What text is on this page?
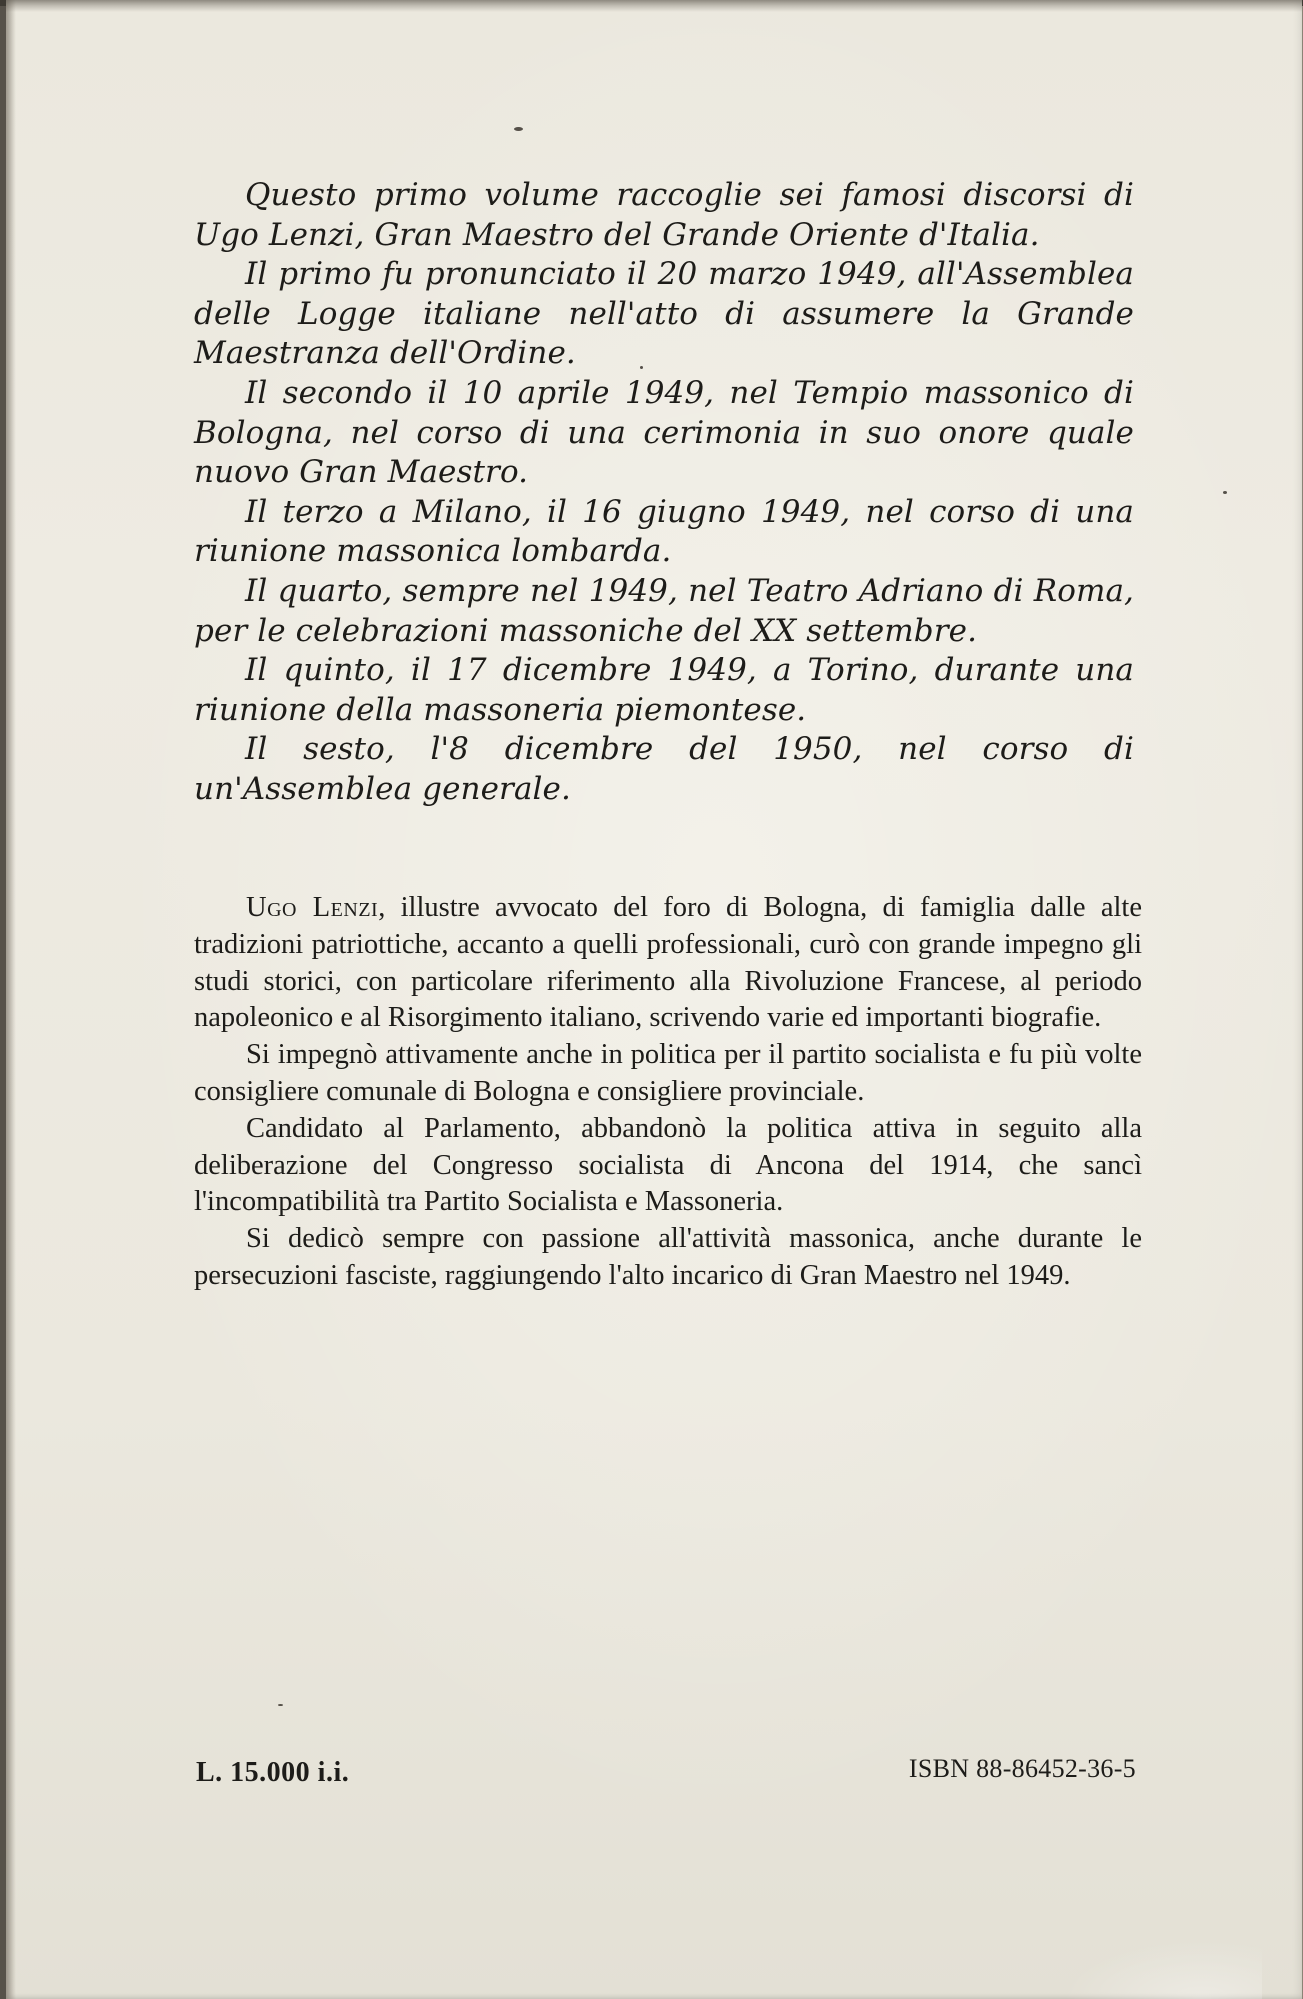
Questo primo volume raccoglie sei famosi discorsi di Ugo Lenzi, Gran Maestro del Grande Oriente d'Italia.

Il primo fu pronunciato il 20 marzo 1949, all'Assemblea delle Logge italiane nell'atto di assumere la Grande Maestranza dell'Ordine.

Il secondo il 10 aprile 1949, nel Tempio massonico di Bologna, nel corso di una cerimonia in suo onore quale nuovo Gran Maestro.

Il terzo a Milano, il 16 giugno 1949, nel corso di una riunione massonica lombarda.

Il quarto, sempre nel 1949, nel Teatro Adriano di Roma, per le celebrazioni massoniche del XX settembre.

Il quinto, il 17 dicembre 1949, a Torino, durante una riunione della massoneria piemontese.

Il sesto, l'8 dicembre del 1950, nel corso di un'Assemblea generale.

Ugo Lenzi, illustre avvocato del foro di Bologna, di famiglia dalle alte tradizioni patriottiche, accanto a quelli professionali, curò con grande impegno gli studi storici, con particolare riferimento alla Rivoluzione Francese, al periodo napoleonico e al Risorgimento italiano, scrivendo varie ed importanti biografie.

Si impegnò attivamente anche in politica per il partito socialista e fu più volte consigliere comunale di Bologna e consigliere provinciale.

Candidato al Parlamento, abbandonò la politica attiva in seguito alla deliberazione del Congresso socialista di Ancona del 1914, che sancì l'incompatibilità tra Partito Socialista e Massoneria.

Si dedicò sempre con passione all'attività massonica, anche durante le persecuzioni fasciste, raggiungendo l'alto incarico di Gran Maestro nel 1949.

L. 15.000 i.i.	ISBN 88-86452-36-5
